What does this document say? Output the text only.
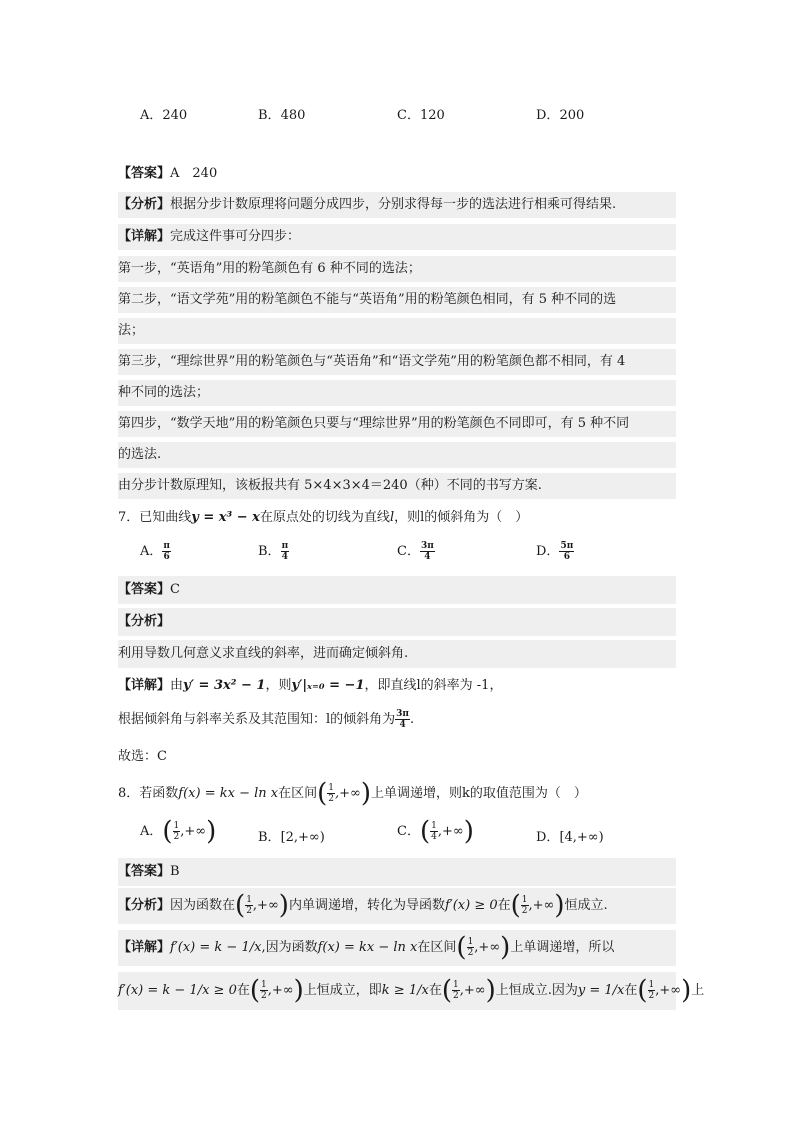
A．240	B．480	C．120	D．200
【答案】A　240
【分析】根据分步计数原理将问题分成四步，分别求得每一步的选法进行相乘可得结果.
【详解】完成这件事可分四步：
第一步，“英语角”用的粉笔颜色有 6 种不同的选法；
第二步，“语文学苑”用的粉笔颜色不能与“英语角”用的粉笔颜色相同，有 5 种不同的选
法；
第三步，“理综世界”用的粉笔颜色与“英语角”和“语文学苑”用的粉笔颜色都不相同，有 4
种不同的选法；
第四步，“数学天地”用的粉笔颜色只要与“理综世界”用的粉笔颜色不同即可，有 5 种不同
的选法.
由分步计数原理知，该板报共有 5×4×3×4＝240（种）不同的书写方案.
7．已知曲线y = x³ − x在原点处的切线为直线l，则l的倾斜角为（　）
A． $\frac{\pi}{6}$	B． $\frac{\pi}{4}$	C． $\frac{3\pi}{4}$	D． $\frac{5\pi}{6}$
【答案】C
【分析】
利用导数几何意义求直线的斜率，进而确定倾斜角.
【详解】由y′ = 3x² − 1，则y′|ₓ₌₀ = −1，即直线l的斜率为 -1，
根据倾斜角与斜率关系及其范围知：l的倾斜角为 $\frac{3\pi}{4}$ .
故选：C
8．若函数f(x) = kx − ln x在区间( $\frac{1}{2}$ ,+∞)上单调递增，则k的取值范围为（　）
A．( $\frac{1}{2}$ ,+∞)	B．[2,+∞)	C．( $\frac{1}{4}$ ,+∞)	D．[4,+∞)
【答案】B
【分析】因为函数在( $\frac{1}{2}$ ,+∞)内单调递增，转化为导函数f′(x) ≥ 0在( $\frac{1}{2}$ ,+∞)恒成立.
【详解】f′(x) = k − 1/x,因为函数f(x) = kx − ln x在区间( $\frac{1}{2}$ ,+∞)上单调递增，所以
f′(x) = k − 1/x ≥ 0在( $\frac{1}{2}$ ,+∞)上恒成立，即k ≥ 1/x在( $\frac{1}{2}$ ,+∞)上恒成立.因为y = 1/x在( $\frac{1}{2}$ ,+∞)上
